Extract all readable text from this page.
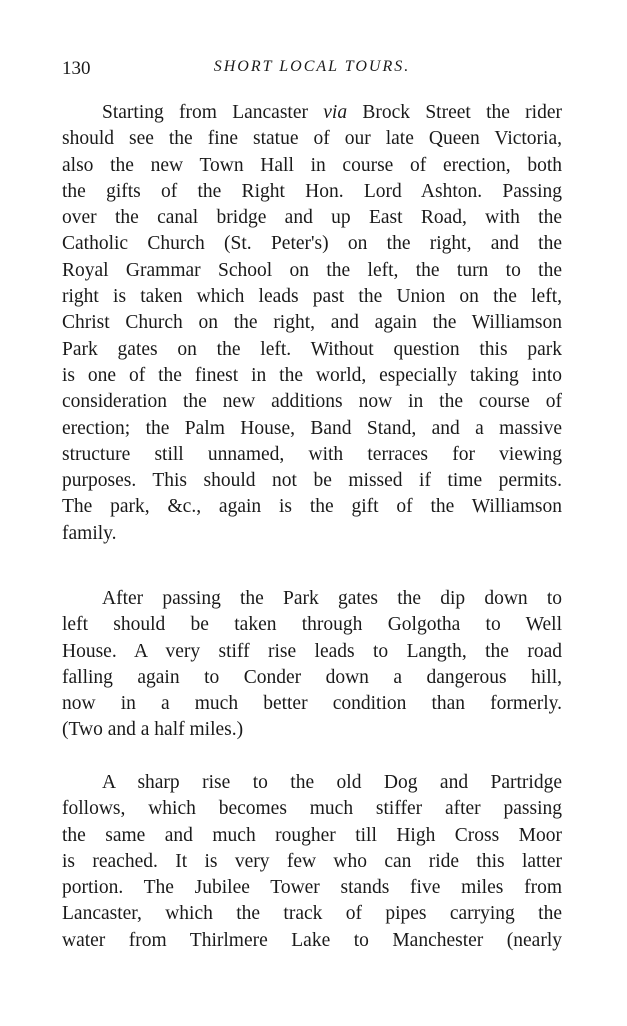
130	SHORT LOCAL TOURS.
Starting from Lancaster via Brock Street the rider
should see the fine statue of our late Queen Victoria,
also the new Town Hall in course of erection, both
the gifts of the Right Hon. Lord Ashton. Passing
over the canal bridge and up East Road, with the
Catholic Church (St. Peter's) on the right, and the
Royal Grammar School on the left, the turn to the
right is taken which leads past the Union on the left,
Christ Church on the right, and again the Williamson
Park gates on the left. Without question this park
is one of the finest in the world, especially taking into
consideration the new additions now in the course of
erection; the Palm House, Band Stand, and a massive
structure still unnamed, with terraces for viewing
purposes. This should not be missed if time permits.
The park, &c., again is the gift of the Williamson
family.
After passing the Park gates the dip down to
left should be taken through Golgotha to Well
House. A very stiff rise leads to Langth, the road
falling again to Conder down a dangerous hill,
now in a much better condition than formerly.
(Two and a half miles.)
A sharp rise to the old Dog and Partridge
follows, which becomes much stiffer after passing
the same and much rougher till High Cross Moor
is reached. It is very few who can ride this latter
portion. The Jubilee Tower stands five miles from
Lancaster, which the track of pipes carrying the
water from Thirlmere Lake to Manchester (nearly
